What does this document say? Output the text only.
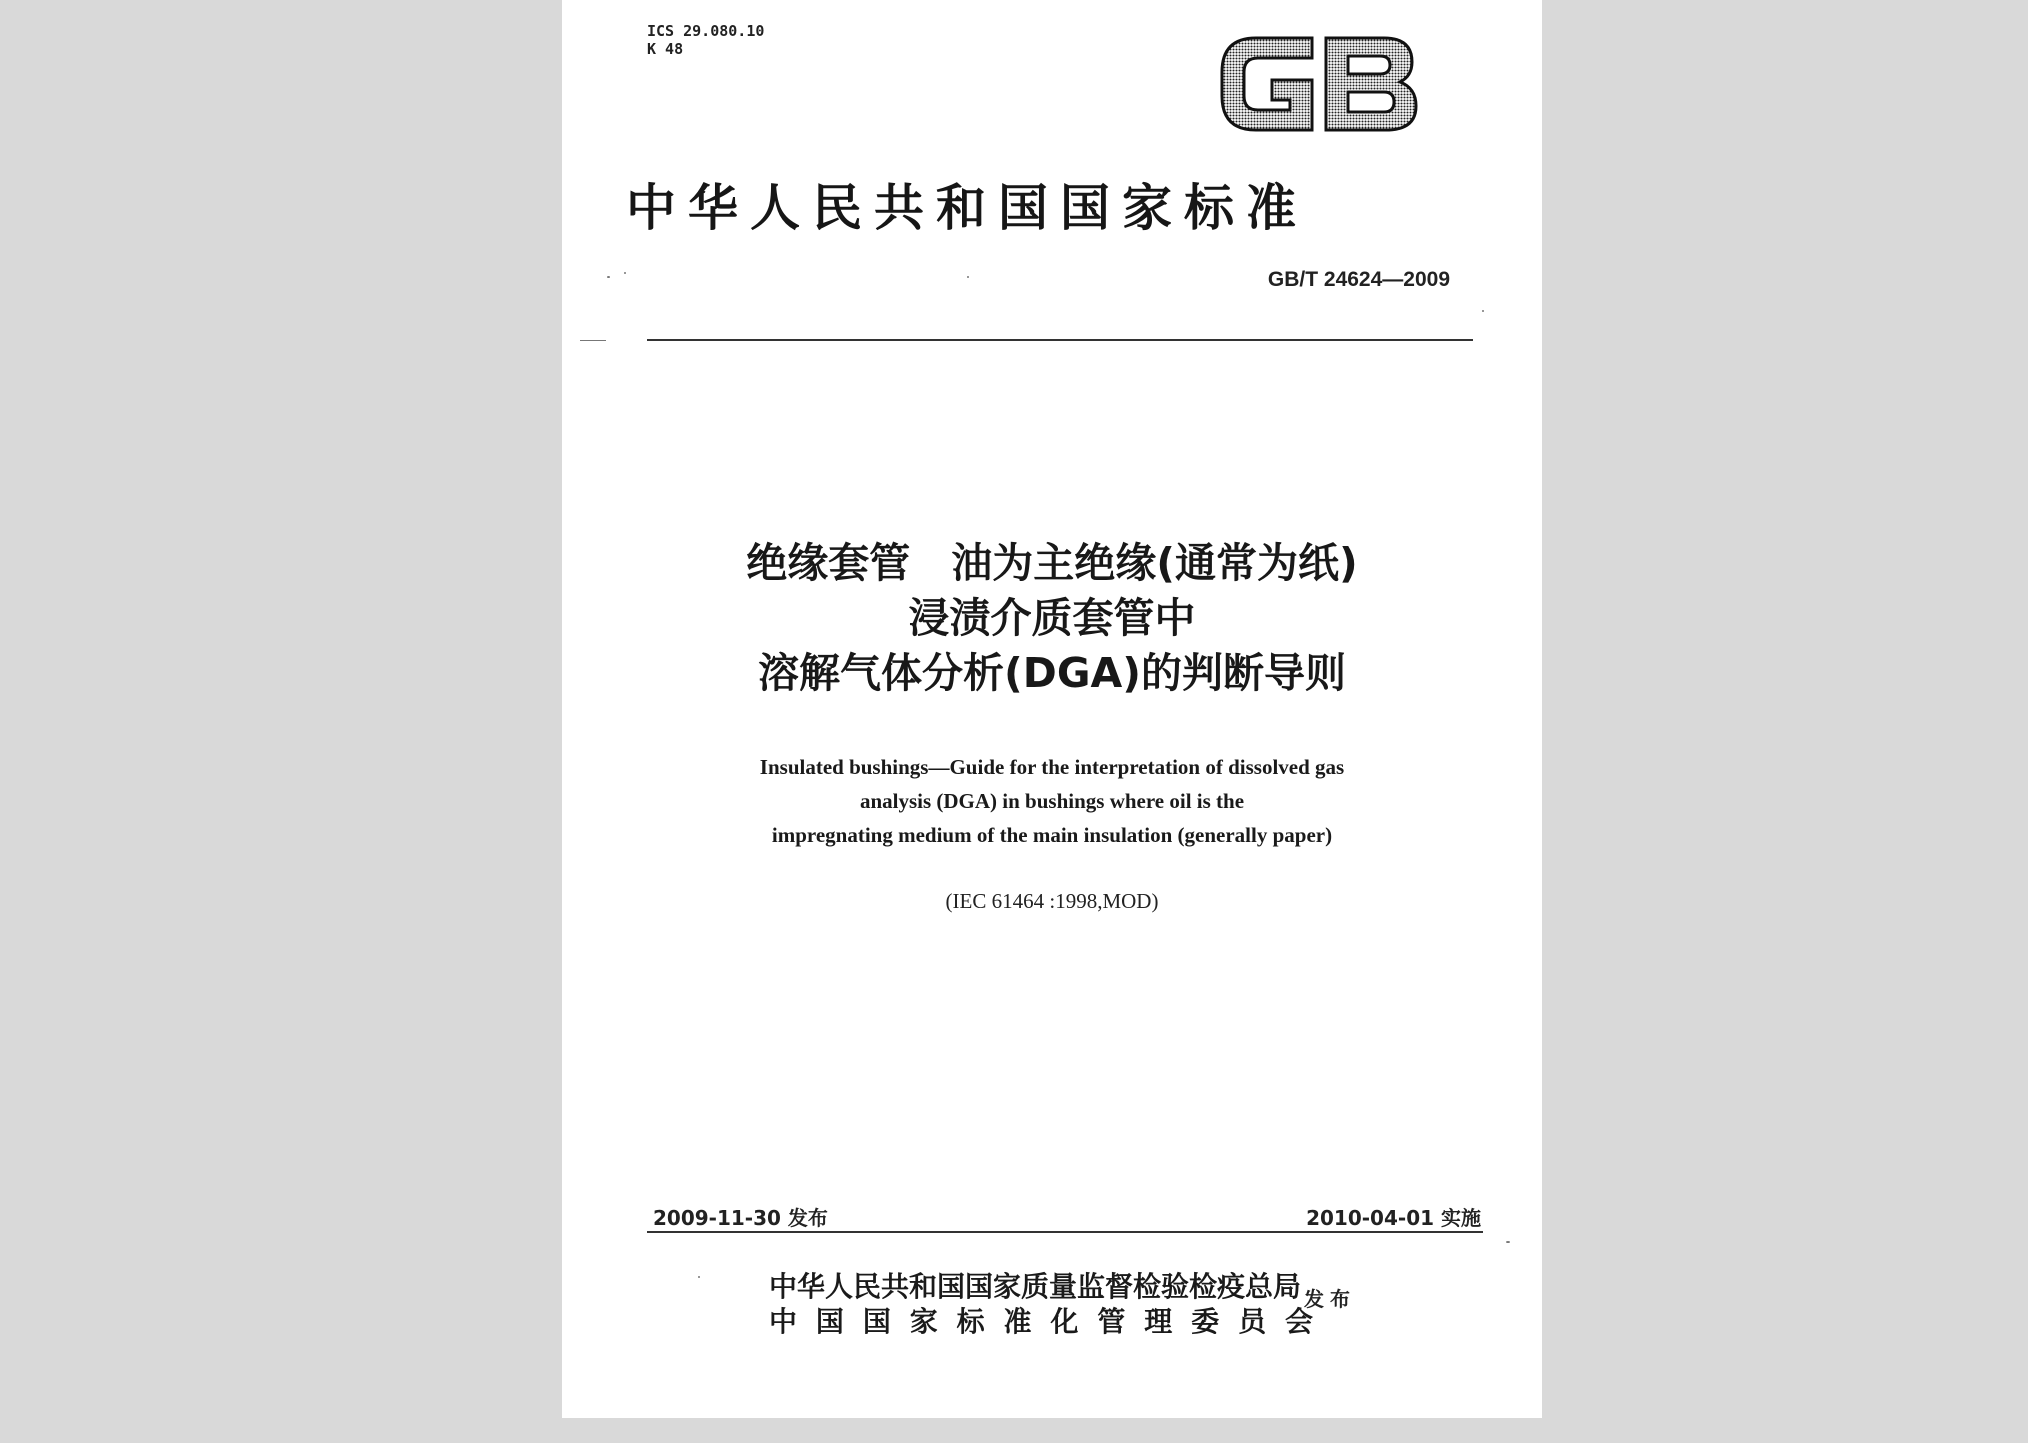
ICS 29.080.10
K 48
中华人民共和国国家标准
GB/T 24624—2009
绝缘套管　油为主绝缘(通常为纸)
浸渍介质套管中
溶解气体分析(DGA)的判断导则
Insulated bushings—Guide for the interpretation of dissolved gas
analysis (DGA) in bushings where oil is the
impregnating medium of the main insulation (generally paper)
(IEC 61464 :1998,MOD)
2009-11-30 发布	2010-04-01 实施
中华人民共和国国家质量监督检验检疫总局
中 国 国 家 标 准 化 管 理 委 员 会
发布
